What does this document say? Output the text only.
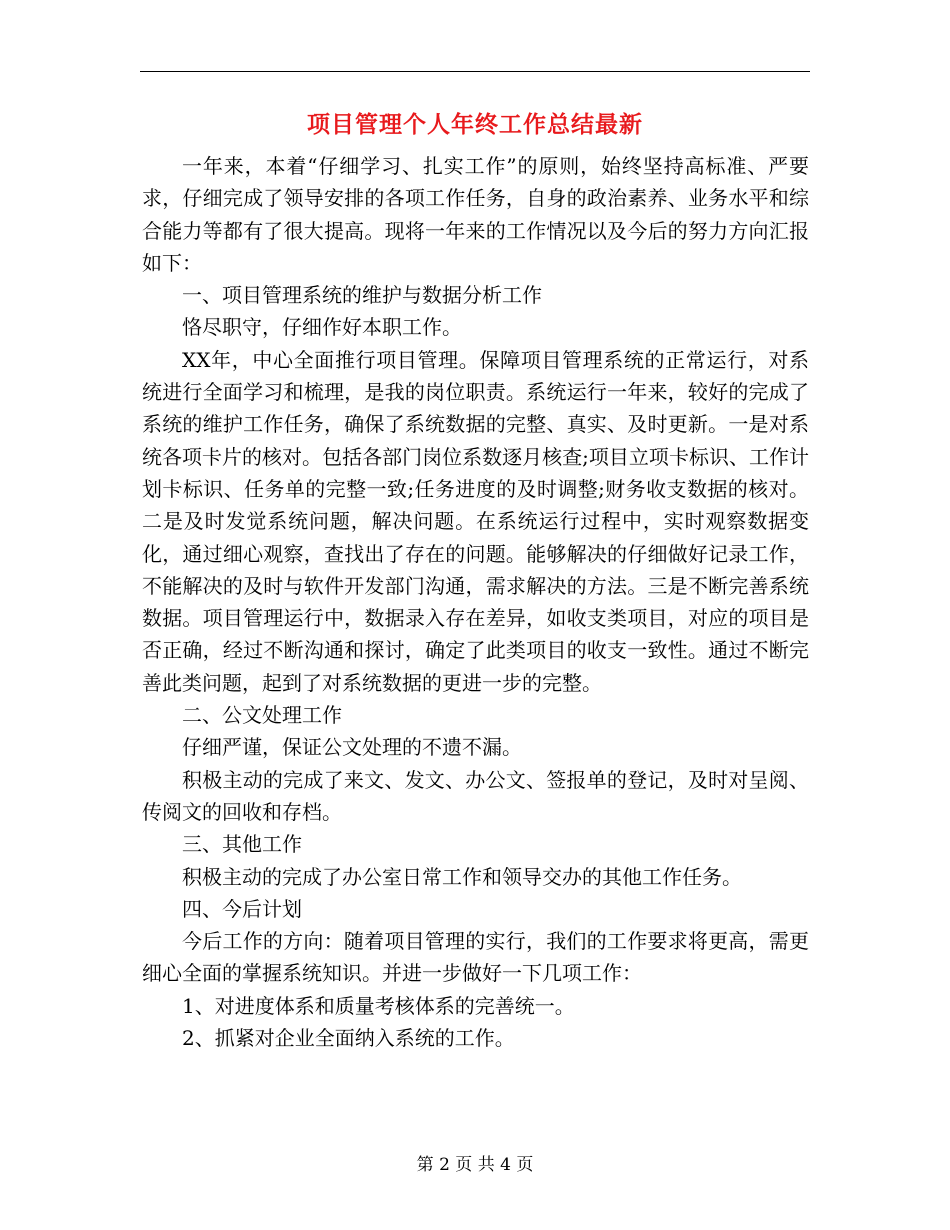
项目管理个人年终工作总结最新

一年来，本着“仔细学习、扎实工作”的原则，始终坚持高标准、严要求，仔细完成了领导安排的各项工作任务，自身的政治素养、业务水平和综合能力等都有了很大提高。现将一年来的工作情况以及今后的努力方向汇报如下：

一、项目管理系统的维护与数据分析工作

恪尽职守，仔细作好本职工作。

XX年，中心全面推行项目管理。保障项目管理系统的正常运行，对系统进行全面学习和梳理，是我的岗位职责。系统运行一年来，较好的完成了系统的维护工作任务，确保了系统数据的完整、真实、及时更新。一是对系统各项卡片的核对。包括各部门岗位系数逐月核查;项目立项卡标识、工作计划卡标识、任务单的完整一致;任务进度的及时调整;财务收支数据的核对。二是及时发觉系统问题，解决问题。在系统运行过程中，实时观察数据变化，通过细心观察，查找出了存在的问题。能够解决的仔细做好记录工作，不能解决的及时与软件开发部门沟通，需求解决的方法。三是不断完善系统数据。项目管理运行中，数据录入存在差异，如收支类项目，对应的项目是否正确，经过不断沟通和探讨，确定了此类项目的收支一致性。通过不断完善此类问题，起到了对系统数据的更进一步的完整。

二、公文处理工作

仔细严谨，保证公文处理的不遗不漏。

积极主动的完成了来文、发文、办公文、签报单的登记，及时对呈阅、传阅文的回收和存档。

三、其他工作

积极主动的完成了办公室日常工作和领导交办的其他工作任务。

四、今后计划

今后工作的方向：随着项目管理的实行，我们的工作要求将更高，需更细心全面的掌握系统知识。并进一步做好一下几项工作：

1、对进度体系和质量考核体系的完善统一。

2、抓紧对企业全面纳入系统的工作。

第 2 页 共 4 页
